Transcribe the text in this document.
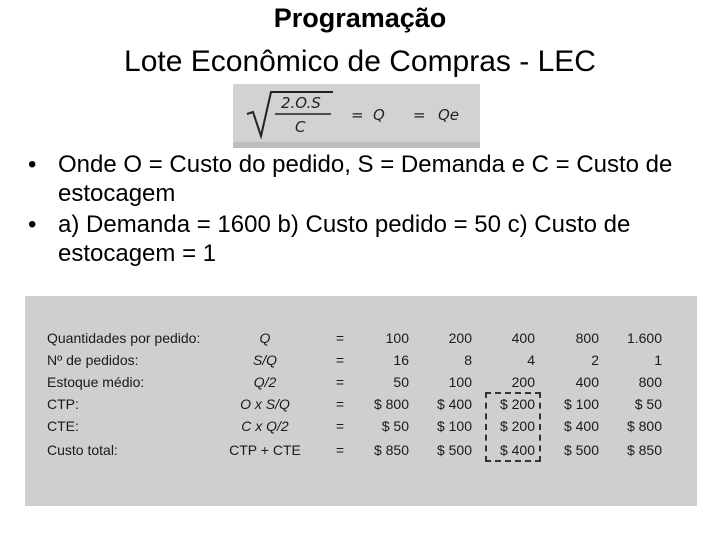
Programação
Lote Econômico de Compras - LEC
2.O.S
C
= Q = Qe
• Onde O = Custo do pedido, S = Demanda e C = Custo de estocagem
• a) Demanda = 1600 b) Custo pedido = 50 c) Custo de estocagem = 1
Quantidades por pedido:	Q	=	100	200	400	800	1.600
Nº de pedidos:	S/Q	=	16	8	4	2	1
Estoque médio:	Q/2	=	50	100	200	400	800
CTP:	O x S/Q	=	$ 800	$ 400	$ 200	$ 100	$ 50
CTE:	C x Q/2	=	$ 50	$ 100	$ 200	$ 400	$ 800
Custo total:	CTP + CTE	=	$ 850	$ 500	$ 400	$ 500	$ 850
